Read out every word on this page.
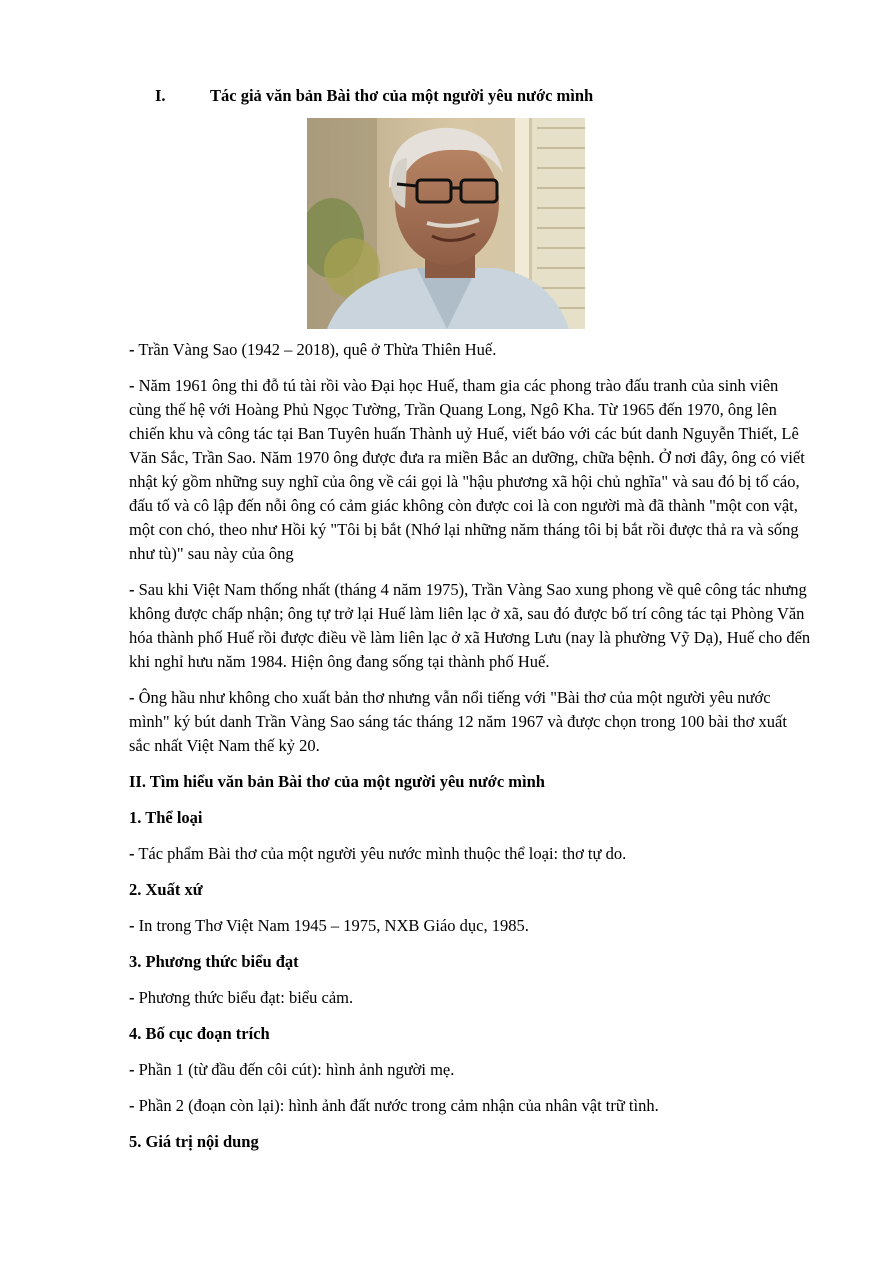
I.	Tác giả văn bản Bài thơ của một người yêu nước mình

- Trần Vàng Sao (1942 – 2018), quê ở Thừa Thiên Huế.

- Năm 1961 ông thi đỗ tú tài rồi vào Đại học Huế, tham gia các phong trào đấu tranh của sinh viên cùng thế hệ với Hoàng Phủ Ngọc Tường, Trần Quang Long, Ngô Kha. Từ 1965 đến 1970, ông lên chiến khu và công tác tại Ban Tuyên huấn Thành uỷ Huế, viết báo với các bút danh Nguyễn Thiết, Lê Văn Sắc, Trần Sao. Năm 1970 ông được đưa ra miền Bắc an dưỡng, chữa bệnh. Ở nơi đây, ông có viết nhật ký gồm những suy nghĩ của ông về cái gọi là "hậu phương xã hội chủ nghĩa" và sau đó bị tố cáo, đấu tố và cô lập đến nỗi ông có cảm giác không còn được coi là con người mà đã thành "một con vật, một con chó, theo như Hồi ký "Tôi bị bắt (Nhớ lại những năm tháng tôi bị bắt rồi được thả ra và sống như tù)" sau này của ông

- Sau khi Việt Nam thống nhất (tháng 4 năm 1975), Trần Vàng Sao xung phong về quê công tác nhưng không được chấp nhận; ông tự trở lại Huế làm liên lạc ở xã, sau đó được bố trí công tác tại Phòng Văn hóa thành phố Huế rồi được điều về làm liên lạc ở xã Hương Lưu (nay là phường Vỹ Dạ), Huế cho đến khi nghỉ hưu năm 1984. Hiện ông đang sống tại thành phố Huế.

- Ông hầu như không cho xuất bản thơ nhưng vẫn nổi tiếng với "Bài thơ của một người yêu nước mình" ký bút danh Trần Vàng Sao sáng tác tháng 12 năm 1967 và được chọn trong 100 bài thơ xuất sắc nhất Việt Nam thế kỷ 20.

II. Tìm hiểu văn bản Bài thơ của một người yêu nước mình

1. Thể loại

- Tác phẩm Bài thơ của một người yêu nước mình thuộc thể loại: thơ tự do.

2. Xuất xứ

- In trong Thơ Việt Nam 1945 – 1975, NXB Giáo dục, 1985.

3. Phương thức biểu đạt

- Phương thức biểu đạt: biểu cảm.

4. Bố cục đoạn trích

- Phần 1 (từ đầu đến côi cút): hình ảnh người mẹ.

- Phần 2 (đoạn còn lại): hình ảnh đất nước trong cảm nhận của nhân vật trữ tình.

5. Giá trị nội dung
